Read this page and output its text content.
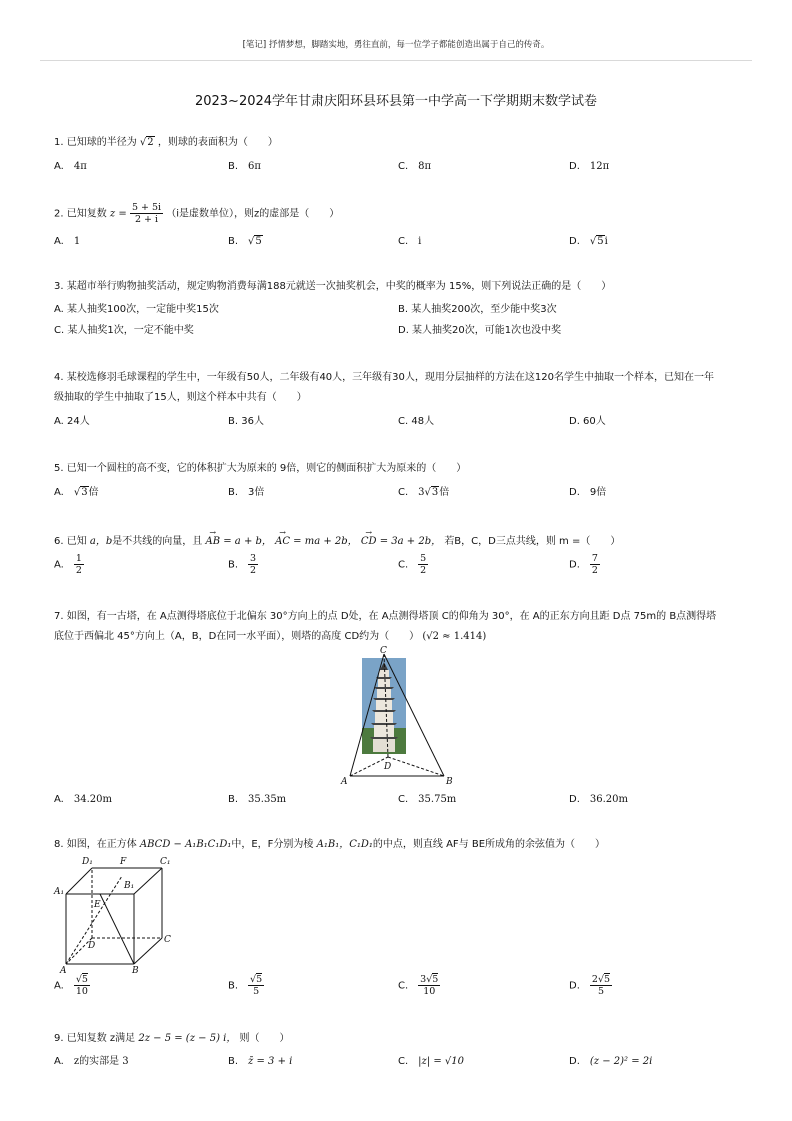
[笔记] 抒情梦想，脚踏实地，勇往直前，每一位学子都能创造出属于自己的传奇。
2023~2024学年甘肃庆阳环县环县第一中学高一下学期期末数学试卷
1. 已知球的半径为 √2 ，则球的表面积为（　　）
A.　 4π	B.　 6π	C.　 8π	D.　 12π
2. 已知复数 $z = \frac{5 + 5i}{2 + i} (i$是虚数单位），则z的虚部是（　　）
A.　 1	B.　 √5	C.　 i	D.　 √5i
3. 某超市举行购物抽奖活动，规定购物消费每满188元就送一次抽奖机会，中奖的概率为 15%，则下列说法正确的是（　　）
A. 某人抽奖100次，一定能中奖15次	B. 某人抽奖200次，至少能中奖3次
C. 某人抽奖1次，一定不能中奖	D. 某人抽奖20次，可能1次也没中奖
4. 某校选修羽毛球课程的学生中，一年级有50人，二年级有40人，三年级有30人，现用分层抽样的方法在这120名学生中抽取一个样本，已知在一年
级抽取的学生中抽取了15人，则这个样本中共有（　　）
A. 24人	B. 36人	C. 48人	D. 60人
5. 已知一个圆柱的高不变，它的体积扩大为原来的 9倍，则它的侧面积扩大为原来的（　　）
A.　 √3倍	B.　 3倍	C.　 3√3倍	D.　 9倍
6. 已知 a，b是不共线的向量，且 → AB = a + b， → AC = ma + 2b， → CD = 3a + 2b， 若B，C，D三点共线，则 m =（　　）
A.　 $\frac{1}{2}$	B.　 $\frac{3}{2}$	C.　 $\frac{5}{2}$	D.　 $\frac{7}{2}$
7. 如图，有一古塔，在 A点测得塔底位于北偏东 30°方向上的点 D处，在 A点测得塔顶 C的仰角为 30°，在 A的正东方向且距 D点 75m的 B点测得塔
底位于西偏北 45°方向上（A，B，D在同一水平面），则塔的高度 CD约为（　　） (√2 ≈ 1.414)
C
A	B
D
A.　 34.20m	B.　 35.35m	C.　 35.75m	D.　 36.20m
8. 如图，在正方体 ABCD − A₁B₁C₁D₁中，E，F分别为棱 A₁B₁，C₁D₁的中点，则直线 AF与 BE所成角的余弦值为（　　）
D₁	F	C₁
A₁
B₁
E
D
C
A	B
A.　 $\frac{√5}{10}$	B.　 $\frac{√5}{5}$	C.　 $\frac{3√5}{10}$	D.　 $\frac{2√5}{5}$
9. 已知复数 z满足 2z − 5 = (z − 5) i， 则（　　）
A.　 z的实部是 3	B.　 z̄ = 3 + i	C.　 |z| = √10	D.　 (z − 2)² = 2i
